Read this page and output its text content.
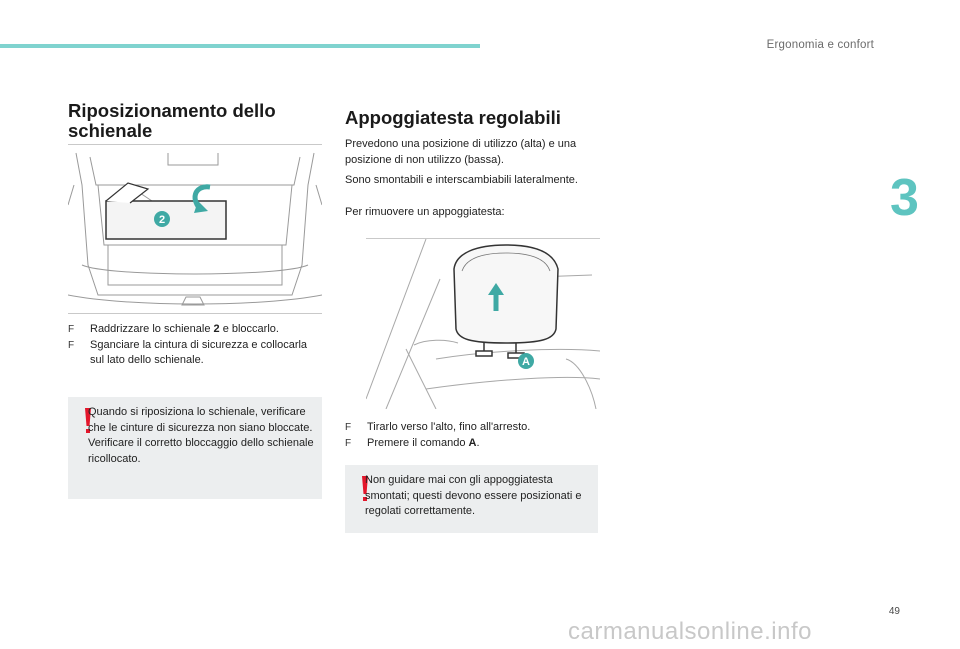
Ergonomia e confort
3
Riposizionamento dello schienale
2
F Raddrizzare lo schienale 2 e bloccarlo.
F Sganciare la cintura di sicurezza e collocarla sul lato dello schienale.

Quando si riposiziona lo schienale, verificare che le cinture di sicurezza non siano bloccate.

Verificare il corretto bloccaggio dello schienale ricollocato.

Appoggiatesta regolabili

Prevedono una posizione di utilizzo (alta) e una posizione di non utilizzo (bassa).

Sono smontabili e interscambiabili lateralmente.

Per rimuovere un appoggiatesta:

A
F Tirarlo verso l'alto, fino all'arresto.
F Premere il comando A.

Non guidare mai con gli appoggiatesta smontati; questi devono essere posizionati e regolati correttamente.

49
carmanualsonline.info
